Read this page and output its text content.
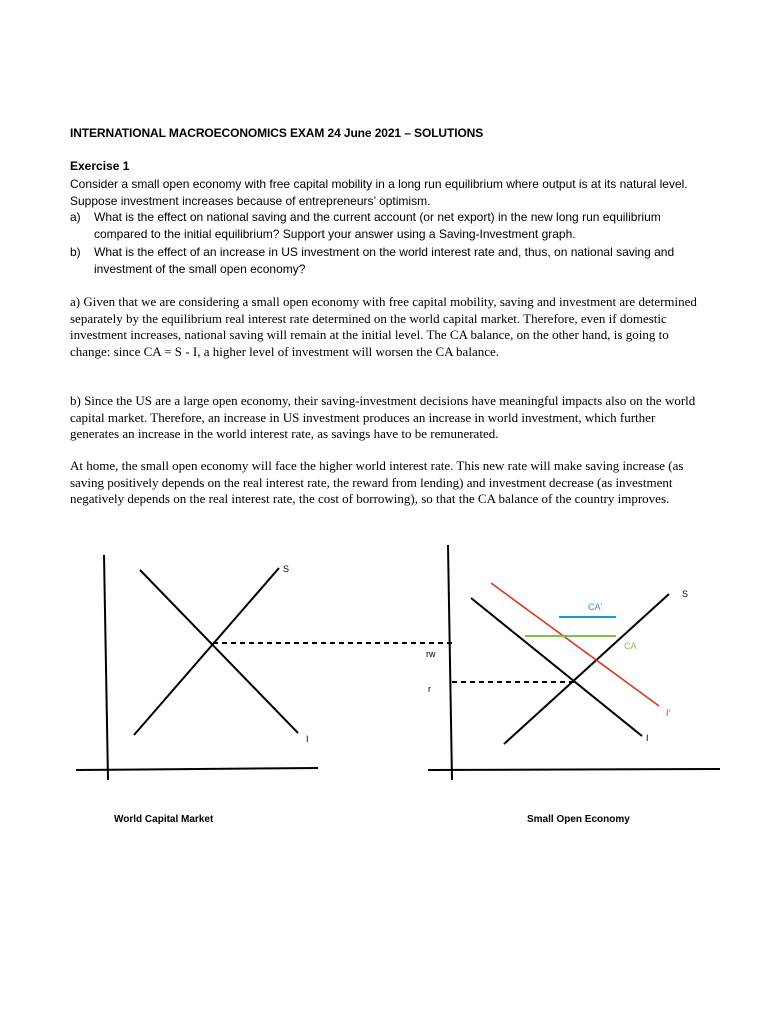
INTERNATIONAL MACROECONOMICS EXAM 24 June 2021 – SOLUTIONS
Exercise 1
Consider a small open economy with free capital mobility in a long run equilibrium where output is at its natural level. Suppose investment increases because of entrepreneurs’ optimism.
a) What is the effect on national saving and the current account (or net export) in the new long run equilibrium compared to the initial equilibrium? Support your answer using a Saving-Investment graph.
b) What is the effect of an increase in US investment on the world interest rate and, thus, on national saving and investment of the small open economy?

a) Given that we are considering a small open economy with free capital mobility, saving and investment are determined separately by the equilibrium real interest rate determined on the world capital market. Therefore, even if domestic investment increases, national saving will remain at the initial level. The CA balance, on the other hand, is going to change: since CA = S - I, a higher level of investment will worsen the CA balance.

b) Since the US are a large open economy, their saving-investment decisions have meaningful impacts also on the world capital market. Therefore, an increase in US investment produces an increase in world investment, which further generates an increase in the world interest rate, as savings have to be remunerated.

At home, the small open economy will face the higher world interest rate. This new rate will make saving increase (as saving positively depends on the real interest rate, the reward from lending) and investment decrease (as investment negatively depends on the real interest rate, the cost of borrowing), so that the CA balance of the country improves.

S
I
rw
r
S
I
I'
CA
CA'
World Capital Market	Small Open Economy
